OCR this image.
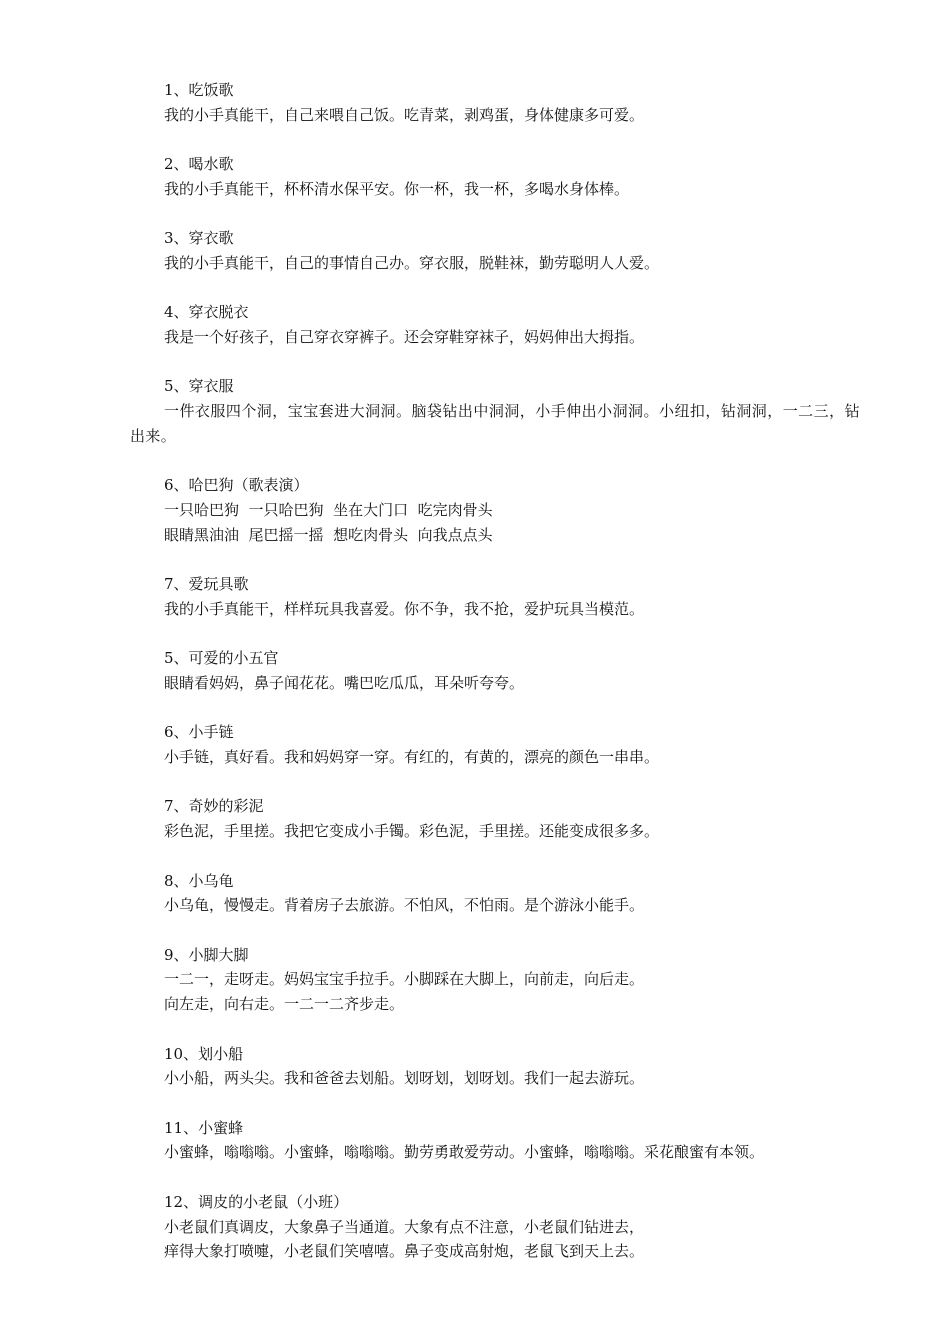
1、吃饭歌
我的小手真能干，自己来喂自己饭。吃青菜，剥鸡蛋，身体健康多可爱。
2、喝水歌
我的小手真能干，杯杯清水保平安。你一杯，我一杯，多喝水身体棒。
3、穿衣歌
我的小手真能干，自己的事情自己办。穿衣服，脱鞋袜，勤劳聪明人人爱。
4、穿衣脱衣
我是一个好孩子，自己穿衣穿裤子。还会穿鞋穿袜子，妈妈伸出大拇指。
5、穿衣服
一件衣服四个洞，宝宝套进大洞洞。脑袋钻出中洞洞，小手伸出小洞洞。小纽扣，钻洞洞，一二三，钻出来。
6、哈巴狗（歌表演）
一只哈巴狗  一只哈巴狗  坐在大门口  吃完肉骨头
眼睛黑油油  尾巴摇一摇  想吃肉骨头  向我点点头
7、爱玩具歌
我的小手真能干，样样玩具我喜爱。你不争，我不抢，爱护玩具当模范。
5、可爱的小五官
眼睛看妈妈，鼻子闻花花。嘴巴吃瓜瓜，耳朵听夸夸。
6、小手链
小手链，真好看。我和妈妈穿一穿。有红的，有黄的，漂亮的颜色一串串。
7、奇妙的彩泥
彩色泥，手里搓。我把它变成小手镯。彩色泥，手里搓。还能变成很多多。
8、小乌龟
小乌龟，慢慢走。背着房子去旅游。不怕风，不怕雨。是个游泳小能手。
9、小脚大脚
一二一，走呀走。妈妈宝宝手拉手。小脚踩在大脚上，向前走，向后走。
向左走，向右走。一二一二齐步走。
10、划小船
小小船，两头尖。我和爸爸去划船。划呀划，划呀划。我们一起去游玩。
11、小蜜蜂
小蜜蜂，嗡嗡嗡。小蜜蜂，嗡嗡嗡。勤劳勇敢爱劳动。小蜜蜂，嗡嗡嗡。采花酿蜜有本领。
12、调皮的小老鼠（小班）
小老鼠们真调皮，大象鼻子当通道。大象有点不注意，小老鼠们钻进去，
痒得大象打喷嚏，小老鼠们笑嘻嘻。鼻子变成高射炮，老鼠飞到天上去。
